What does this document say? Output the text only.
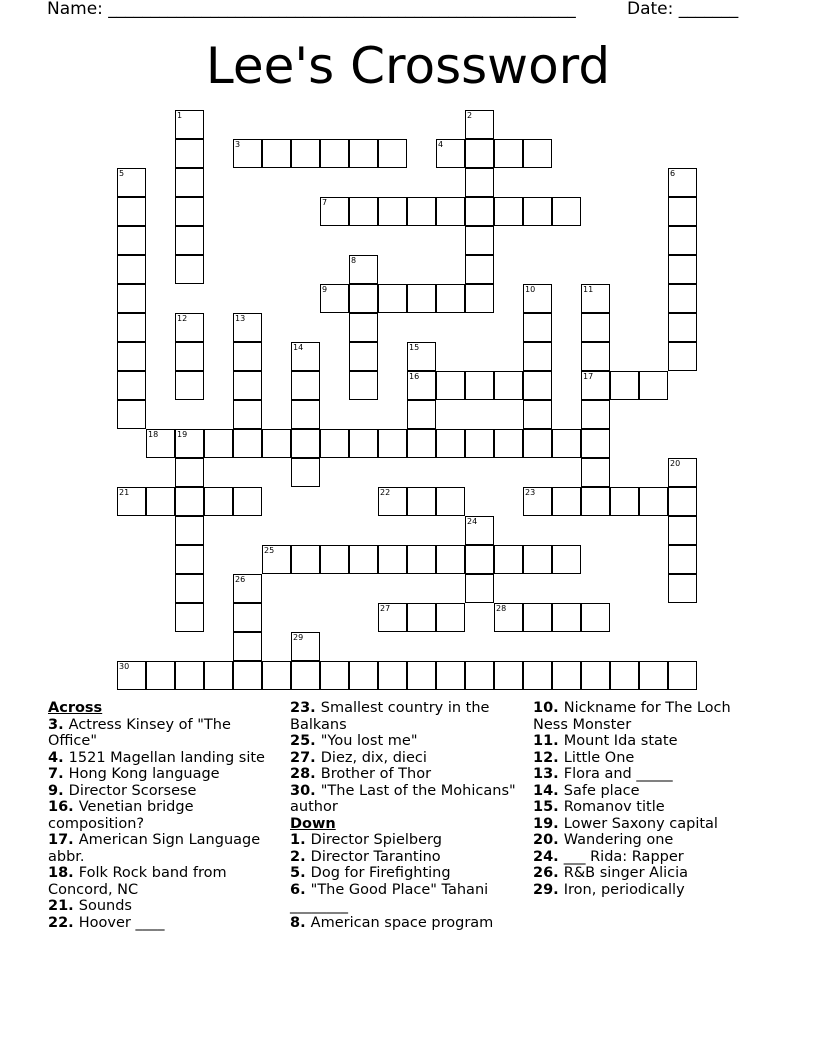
Name: _______________________________________________________	Date: _______
Lee's Crossword
1	2
3	4
5	6
7
8
9	10	11
17
12	13
14	15
16
18 19
20
21	22	23
24
25
26
27	28
29
30
Across
3. Actress Kinsey of "The Office"
4. 1521 Magellan landing site
7. Hong Kong language
9. Director Scorsese
16. Venetian bridge composition?
17. American Sign Language abbr.
18. Folk Rock band from Concord, NC
21. Sounds
22. Hoover ____
23. Smallest country in the Balkans
25. "You lost me"
27. Diez, dix, dieci
28. Brother of Thor
30. "The Last of the Mohicans" author
Down
1. Director Spielberg
2. Director Tarantino
5. Dog for Firefighting
6. "The Good Place" Tahani ________
8. American space program
10. Nickname for The Loch Ness Monster
11. Mount Ida state
12. Little One
13. Flora and _____
14. Safe place
15. Romanov title
19. Lower Saxony capital
20. Wandering one
24. ___ Rida: Rapper
26. R&B singer Alicia
29. Iron, periodically
